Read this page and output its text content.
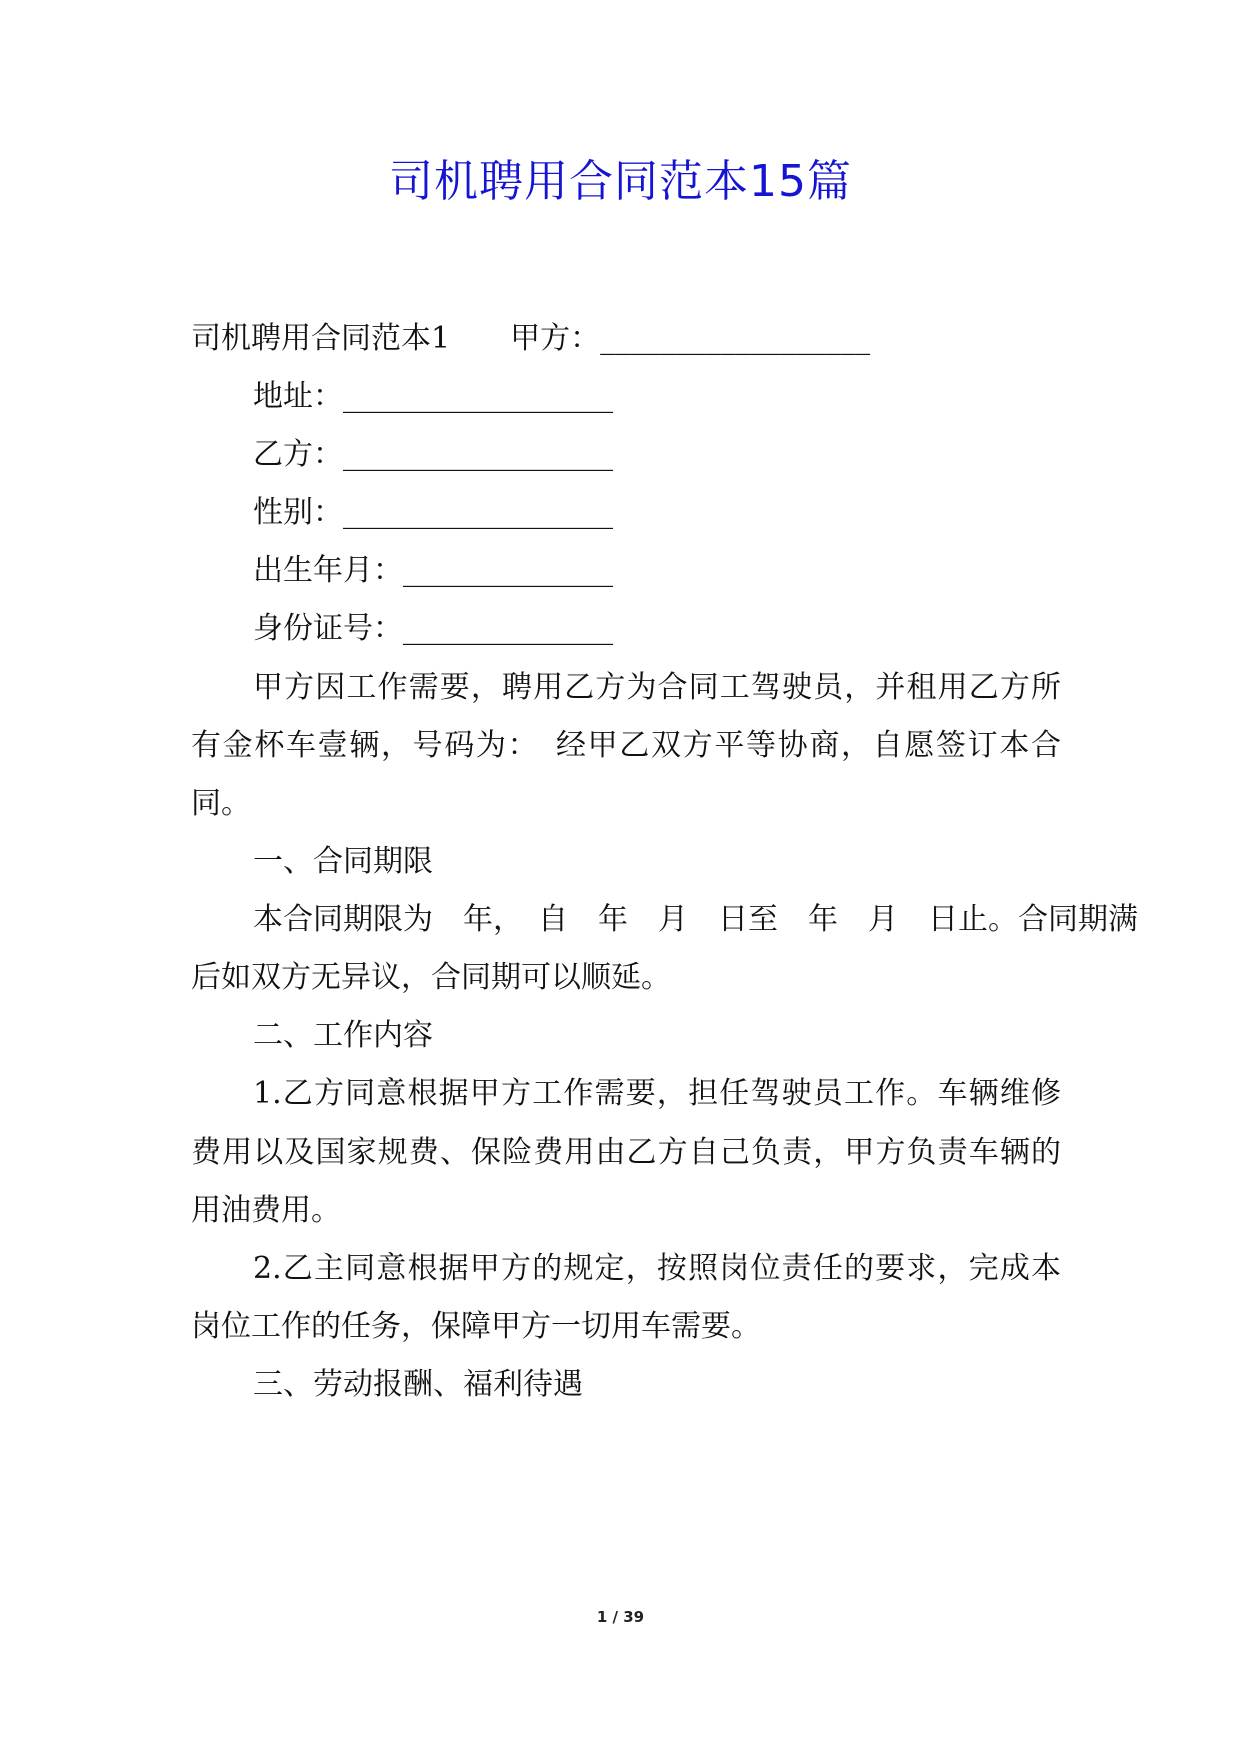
司机聘用合同范本15篇
司机聘用合同范本1　　甲方：__________________
地址：__________________
乙方：__________________
性别：__________________
出生年月：______________
身份证号：______________
甲方因工作需要，聘用乙方为合同工驾驶员，并租用乙方所
有金杯车壹辆，号码为：　经甲乙双方平等协商，自愿签订本合
同。
一、合同期限
本合同期限为　年，　自　年　月　日至　年　月　日止。合同期满
后如双方无异议，合同期可以顺延。
二、工作内容
1.乙方同意根据甲方工作需要，担任驾驶员工作。车辆维修
费用以及国家规费、保险费用由乙方自己负责，甲方负责车辆的
用油费用。
2.乙主同意根据甲方的规定，按照岗位责任的要求，完成本
岗位工作的任务，保障甲方一切用车需要。
三、劳动报酬、福利待遇
1 / 39
